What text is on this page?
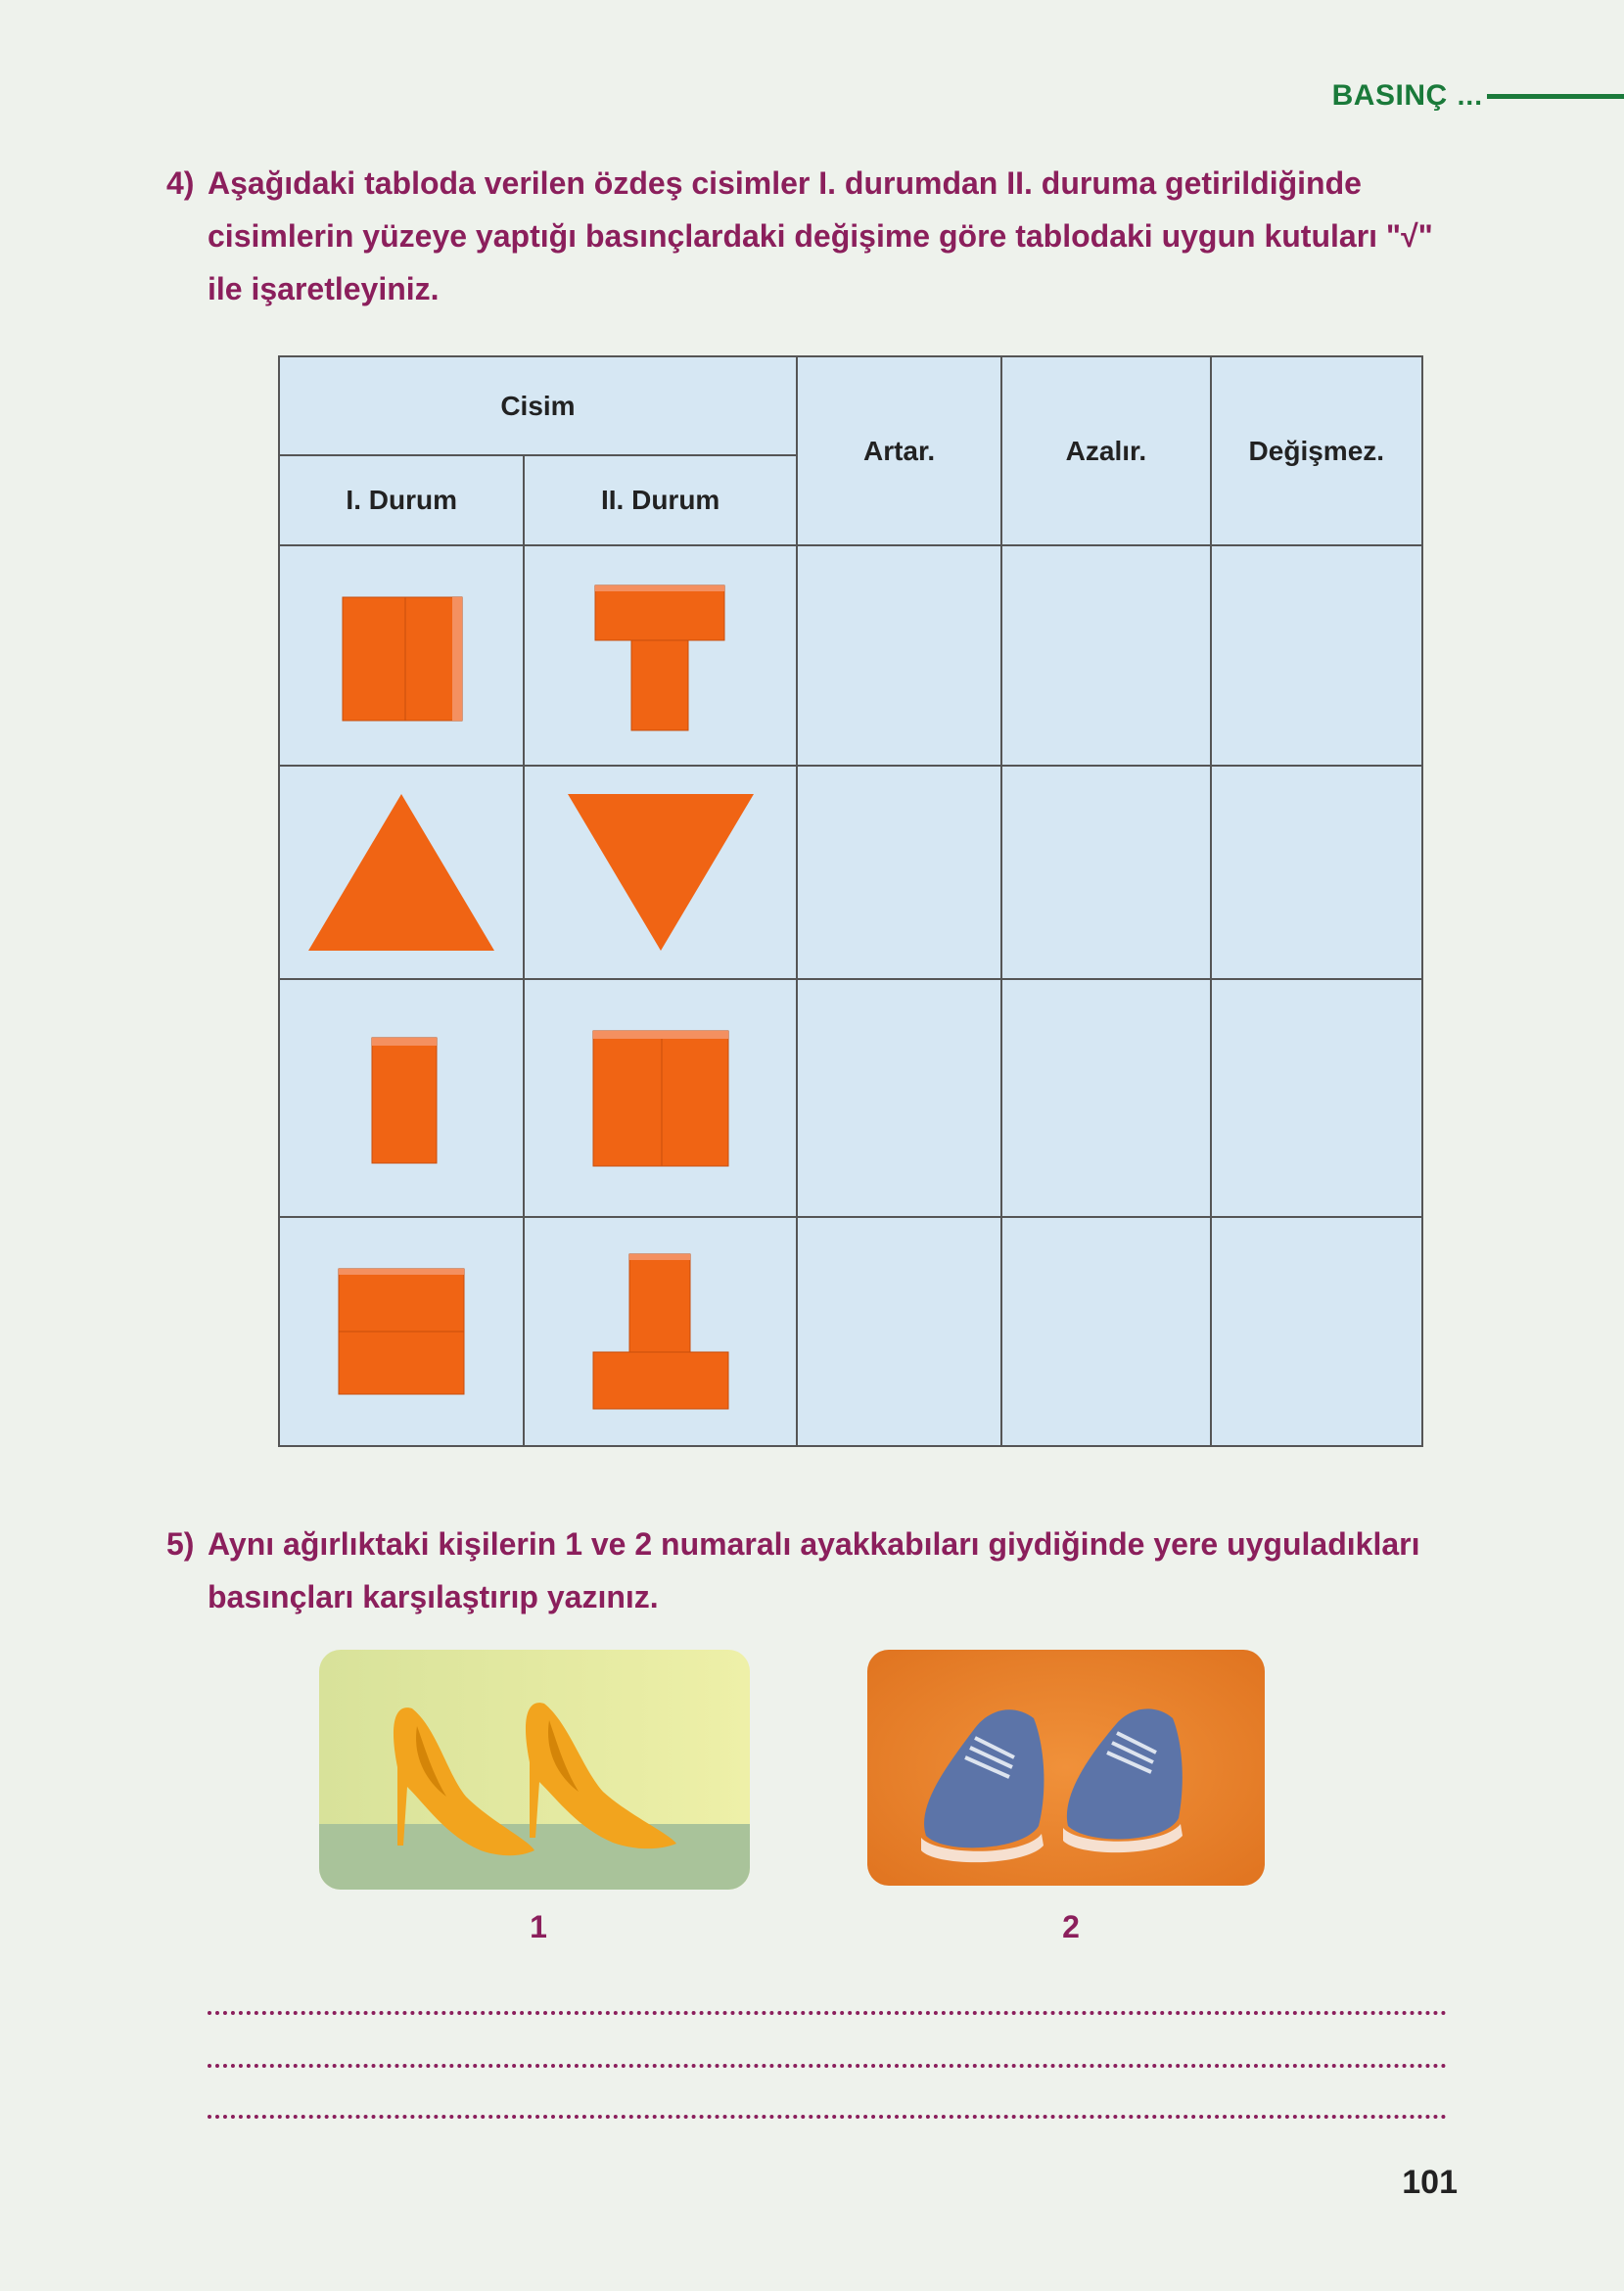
BASINÇ ...
4) Aşağıdaki tabloda verilen özdeş cisimler I. durumdan II. duruma getirildiğinde cisimlerin yüzeye yaptığı basınçlardaki değişime göre tablodaki uygun kutuları "√" ile işaretleyiniz.
Cisim		Artar.	Azalır.	Değişmez.
I. Durum	II. Durum			

5) Aynı ağırlıktaki kişilerin 1 ve 2 numaralı ayakkabıları giydiğinde yere uyguladıkları basınçları karşılaştırıp yazınız.
1	2
101
